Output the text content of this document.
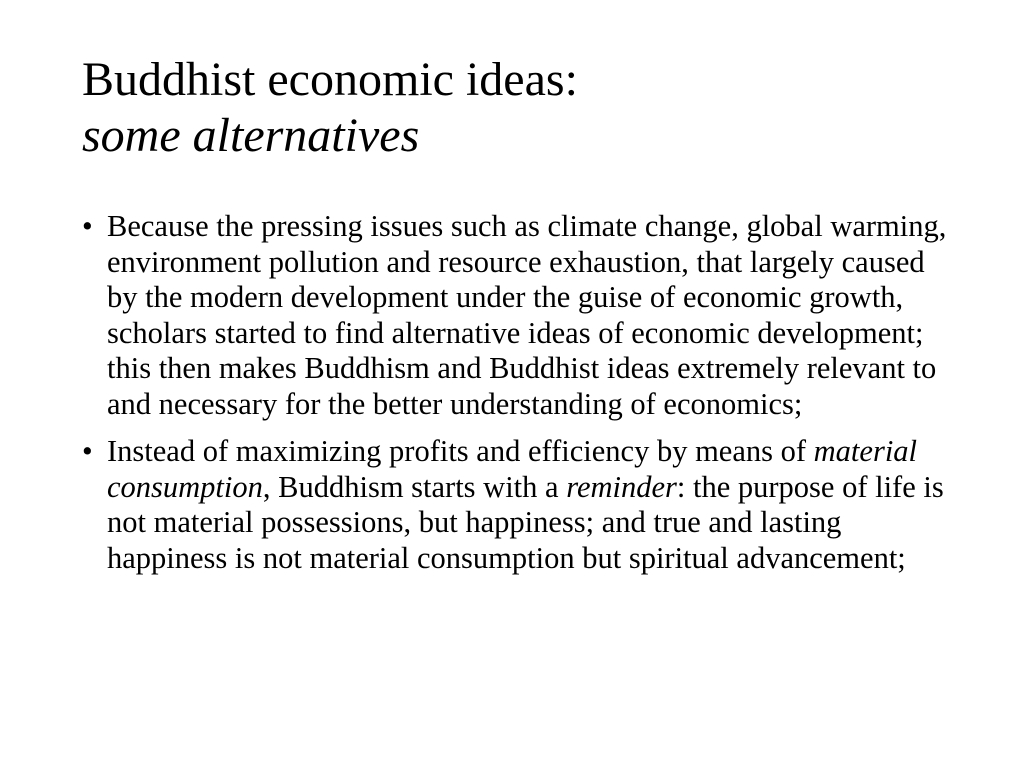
Buddhist economic ideas:
some alternatives
• Because the pressing issues such as climate change, global warming, environment pollution and resource exhaustion, that largely caused by the modern development under the guise of economic growth, scholars started to find alternative ideas of economic development; this then makes Buddhism and Buddhist ideas extremely relevant to and necessary for the better understanding of economics;
• Instead of maximizing profits and efficiency by means of material consumption, Buddhism starts with a reminder: the purpose of life is not material possessions, but happiness; and true and lasting happiness is not material consumption but spiritual advancement;
